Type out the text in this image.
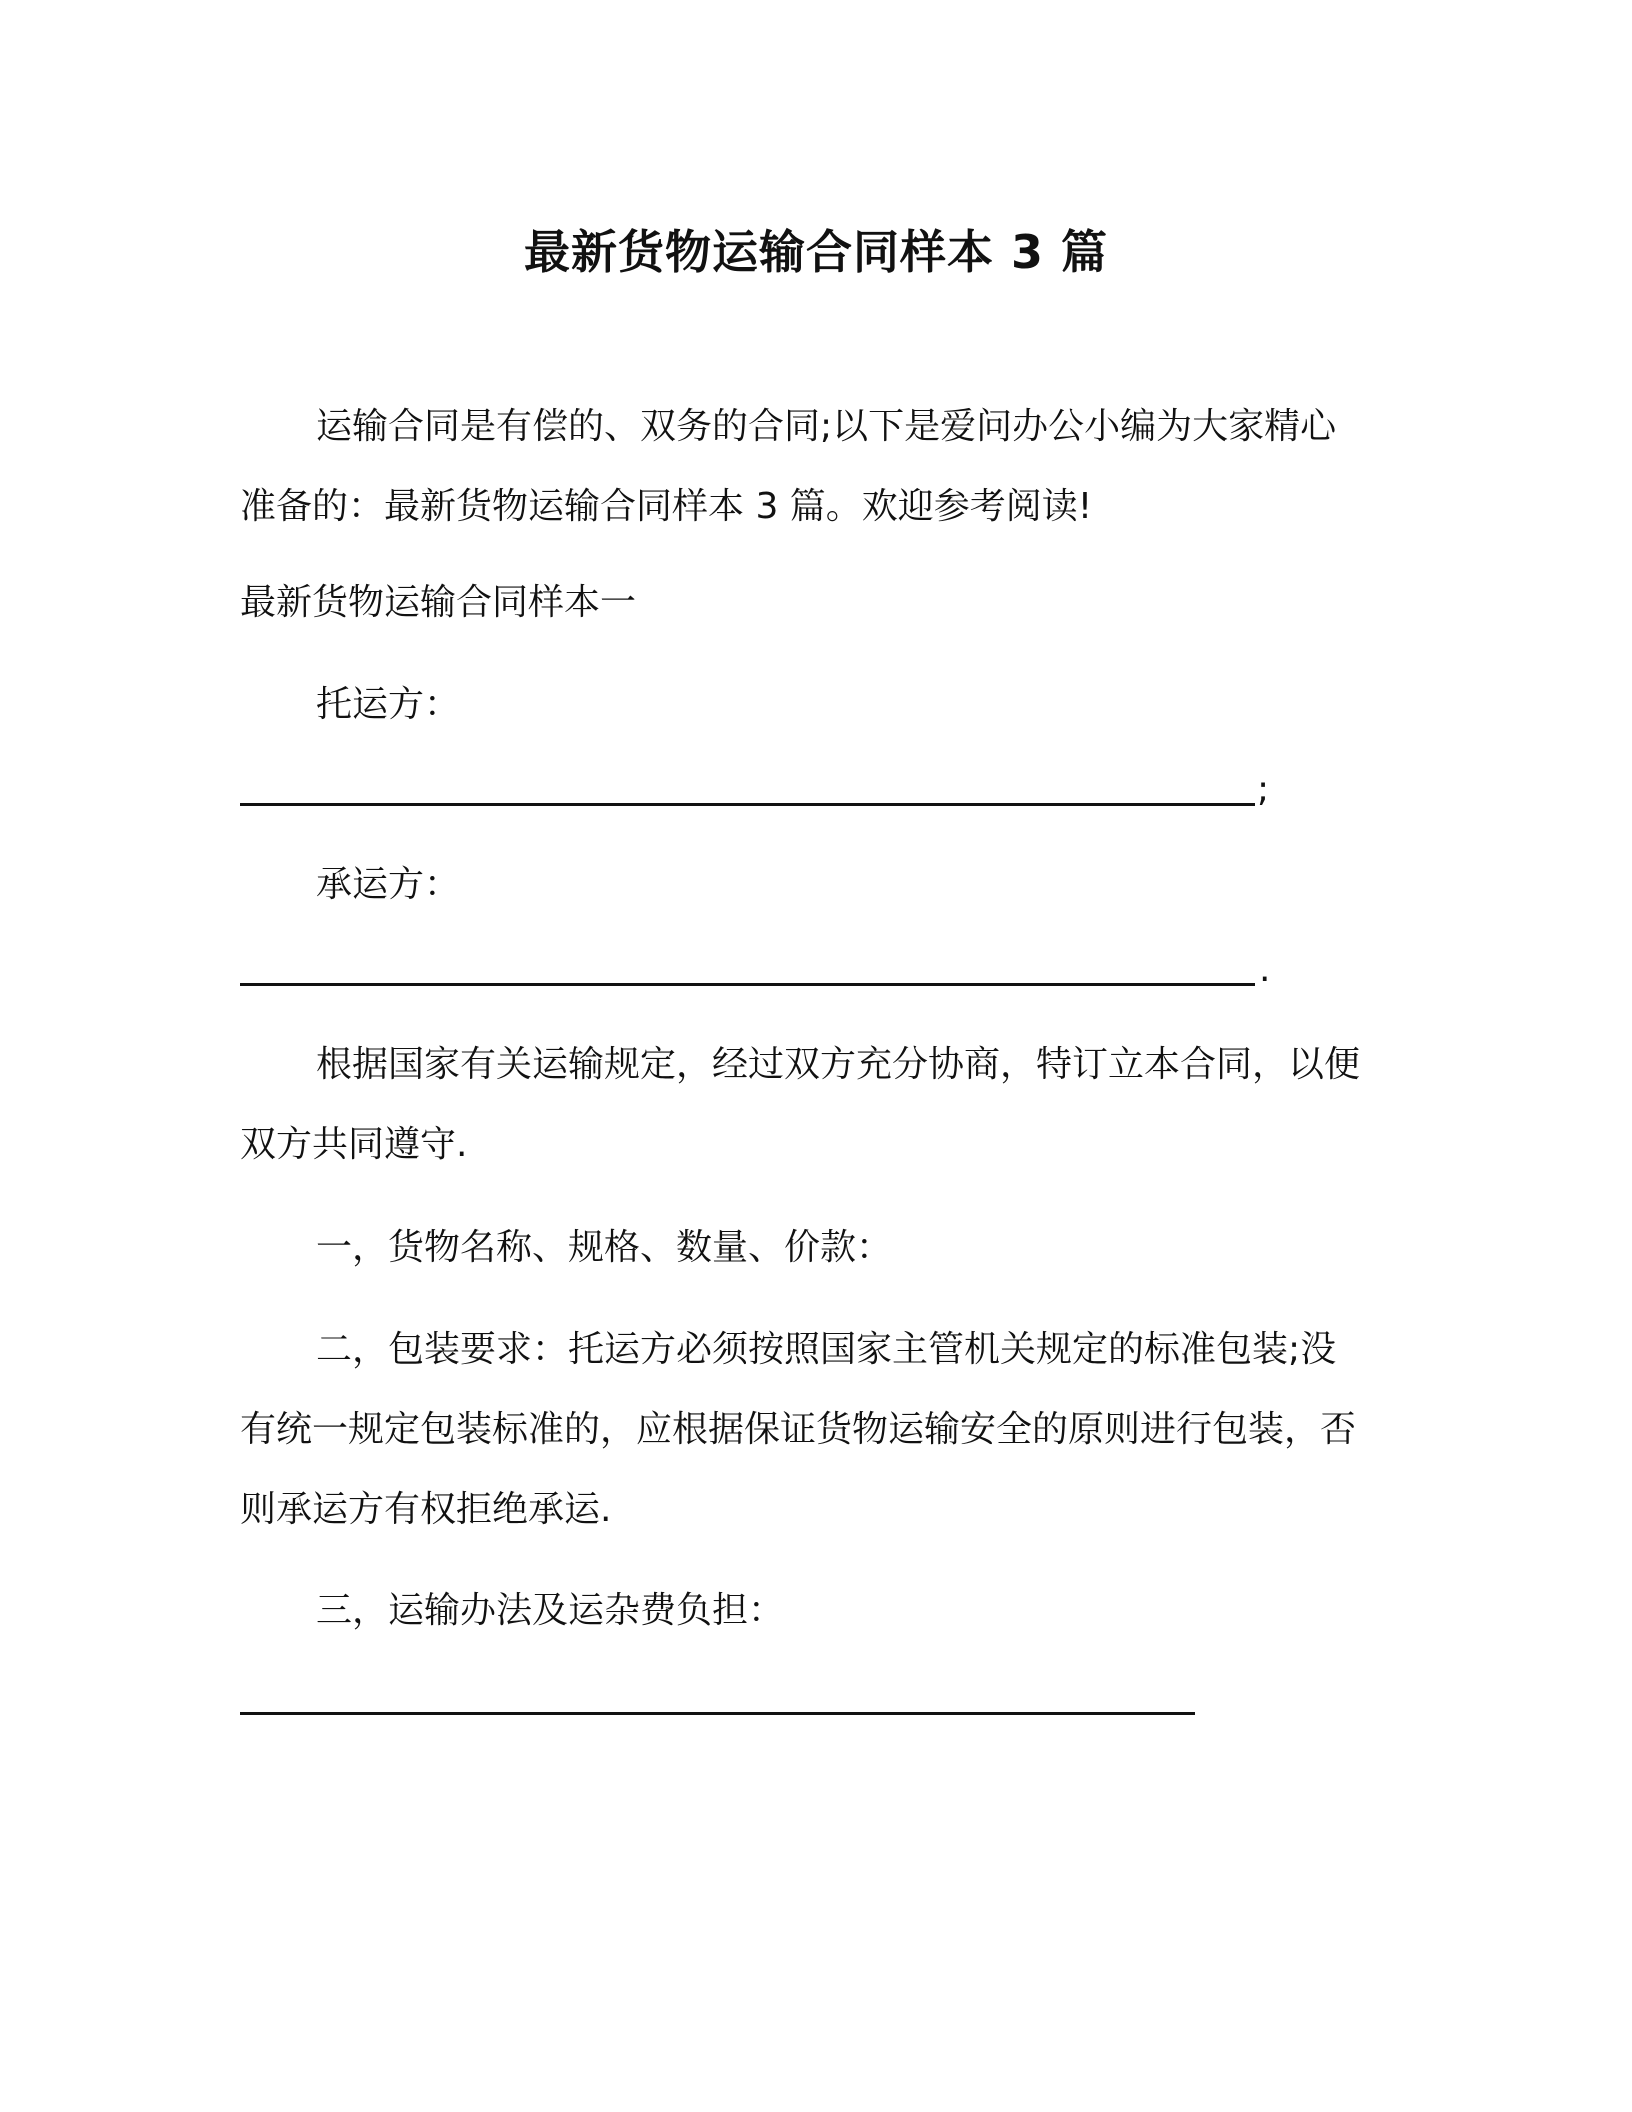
最新货物运输合同样本 3 篇

运输合同是有偿的、双务的合同;以下是爱问办公小编为大家精心准备的：最新货物运输合同样本 3 篇。欢迎参考阅读!

最新货物运输合同样本一

托运方：

;

承运方：

.

根据国家有关运输规定，经过双方充分协商，特订立本合同，以便双方共同遵守.

一，货物名称、规格、数量、价款：

二，包装要求：托运方必须按照国家主管机关规定的标准包装;没有统一规定包装标准的，应根据保证货物运输安全的原则进行包装，否则承运方有权拒绝承运.

三，运输办法及运杂费负担：
